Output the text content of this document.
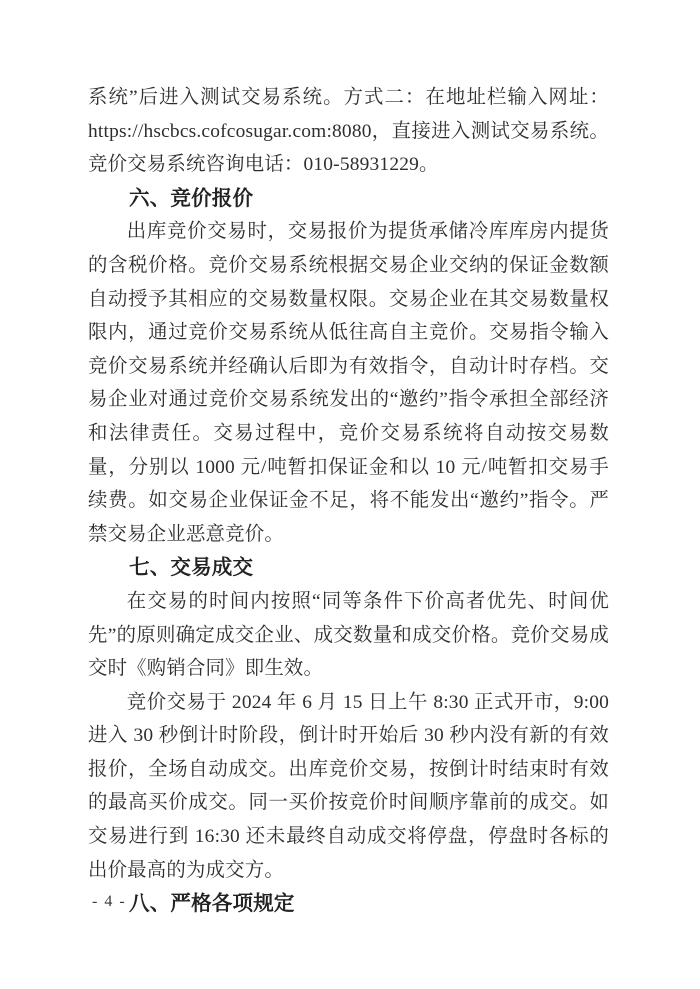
系统”后进入测试交易系统。方式二：在地址栏输入网址：https://hscbcs.cofcosugar.com:8080，直接进入测试交易系统。竞价交易系统咨询电话：010-58931229。

六、竞价报价

出库竞价交易时，交易报价为提货承储冷库库房内提货的含税价格。竞价交易系统根据交易企业交纳的保证金数额自动授予其相应的交易数量权限。交易企业在其交易数量权限内，通过竞价交易系统从低往高自主竞价。交易指令输入竞价交易系统并经确认后即为有效指令，自动计时存档。交易企业对通过竞价交易系统发出的“邀约”指令承担全部经济和法律责任。交易过程中，竞价交易系统将自动按交易数量，分别以 1000 元/吨暂扣保证金和以 10 元/吨暂扣交易手续费。如交易企业保证金不足，将不能发出“邀约”指令。严禁交易企业恶意竞价。

七、交易成交

在交易的时间内按照“同等条件下价高者优先、时间优先”的原则确定成交企业、成交数量和成交价格。竞价交易成交时《购销合同》即生效。

竞价交易于 2024 年 6 月 15 日上午 8:30 正式开市，9:00 进入 30 秒倒计时阶段，倒计时开始后 30 秒内没有新的有效报价，全场自动成交。出库竞价交易，按倒计时结束时有效的最高买价成交。同一买价按竞价时间顺序靠前的成交。如交易进行到 16:30 还未最终自动成交将停盘，停盘时各标的出价最高的为成交方。

八、严格各项规定
- 4 -
